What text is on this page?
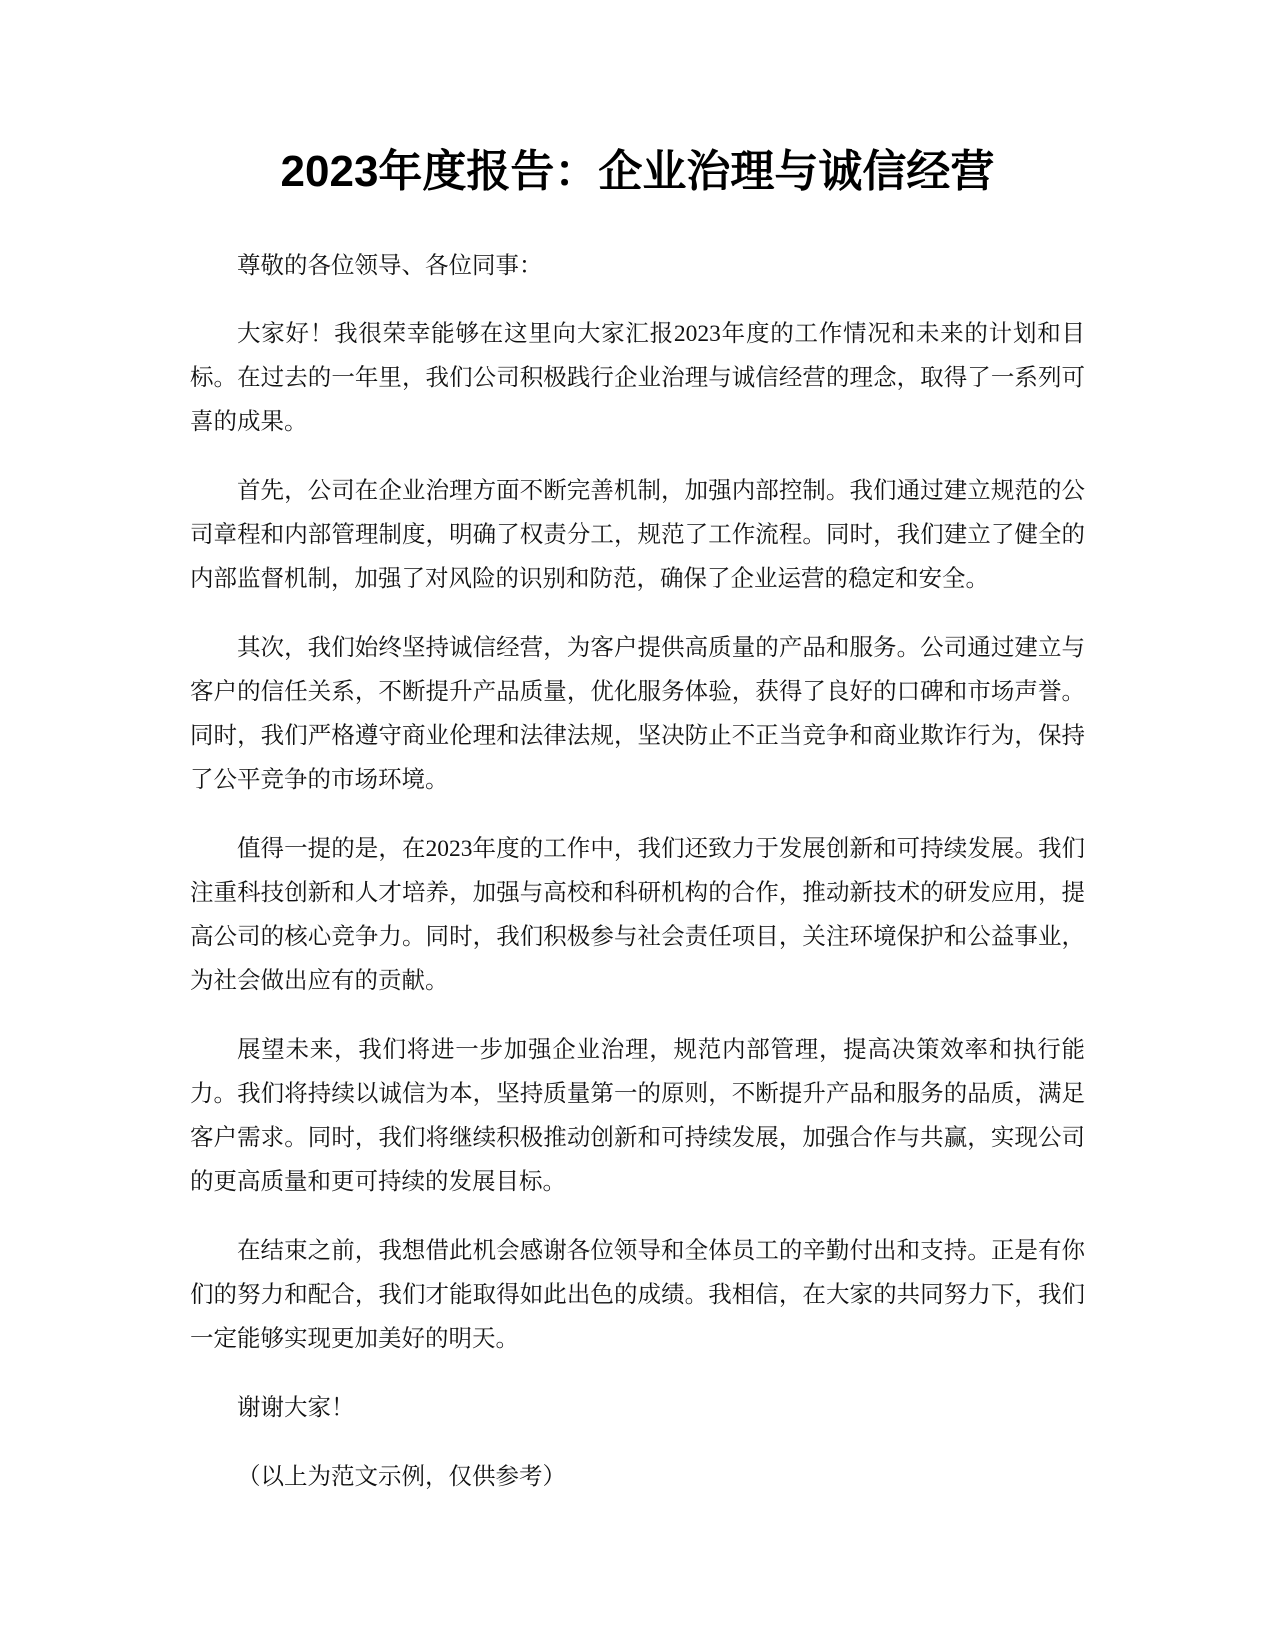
2023年度报告：企业治理与诚信经营

尊敬的各位领导、各位同事：

大家好！我很荣幸能够在这里向大家汇报2023年度的工作情况和未来的计划和目标。在过去的一年里，我们公司积极践行企业治理与诚信经营的理念，取得了一系列可喜的成果。

首先，公司在企业治理方面不断完善机制，加强内部控制。我们通过建立规范的公司章程和内部管理制度，明确了权责分工，规范了工作流程。同时，我们建立了健全的内部监督机制，加强了对风险的识别和防范，确保了企业运营的稳定和安全。

其次，我们始终坚持诚信经营，为客户提供高质量的产品和服务。公司通过建立与客户的信任关系，不断提升产品质量，优化服务体验，获得了良好的口碑和市场声誉。同时，我们严格遵守商业伦理和法律法规，坚决防止不正当竞争和商业欺诈行为，保持了公平竞争的市场环境。

值得一提的是，在2023年度的工作中，我们还致力于发展创新和可持续发展。我们注重科技创新和人才培养，加强与高校和科研机构的合作，推动新技术的研发应用，提高公司的核心竞争力。同时，我们积极参与社会责任项目，关注环境保护和公益事业，为社会做出应有的贡献。

展望未来，我们将进一步加强企业治理，规范内部管理，提高决策效率和执行能力。我们将持续以诚信为本，坚持质量第一的原则，不断提升产品和服务的品质，满足客户需求。同时，我们将继续积极推动创新和可持续发展，加强合作与共赢，实现公司的更高质量和更可持续的发展目标。

在结束之前，我想借此机会感谢各位领导和全体员工的辛勤付出和支持。正是有你们的努力和配合，我们才能取得如此出色的成绩。我相信，在大家的共同努力下，我们一定能够实现更加美好的明天。

谢谢大家！

（以上为范文示例，仅供参考）
